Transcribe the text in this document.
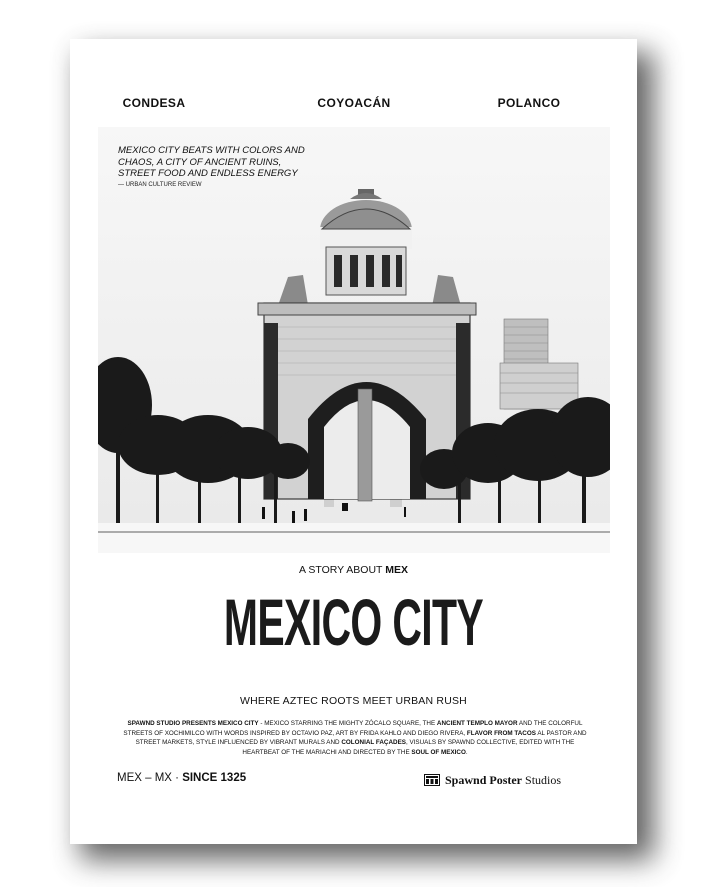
CONDESA	COYOACÁN	POLANCO
MEXICO CITY BEATS WITH COLORS AND CHAOS, A CITY OF ANCIENT RUINS, STREET FOOD AND ENDLESS ENERGY
— URBAN CULTURE REVIEW
A STORY ABOUT MEX
MEXICO CITY
WHERE AZTEC ROOTS MEET URBAN RUSH
SPAWND STUDIO PRESENTS MEXICO CITY - MEXICO STARRING THE MIGHTY ZÓCALO SQUARE, THE ANCIENT TEMPLO MAYOR AND THE COLORFUL STREETS OF XOCHIMILCO WITH WORDS INSPIRED BY OCTAVIO PAZ, ART BY FRIDA KAHLO AND DIEGO RIVERA, FLAVOR FROM TACOS AL PASTOR AND STREET MARKETS, STYLE INFLUENCED BY VIBRANT MURALS AND COLONIAL FAÇADES, VISUALS BY SPAWND COLLECTIVE, EDITED WITH THE HEARTBEAT OF THE MARIACHI AND DIRECTED BY THE SOUL OF MEXICO.
MEX – MX · SINCE 1325	Spawnd Poster Studios
